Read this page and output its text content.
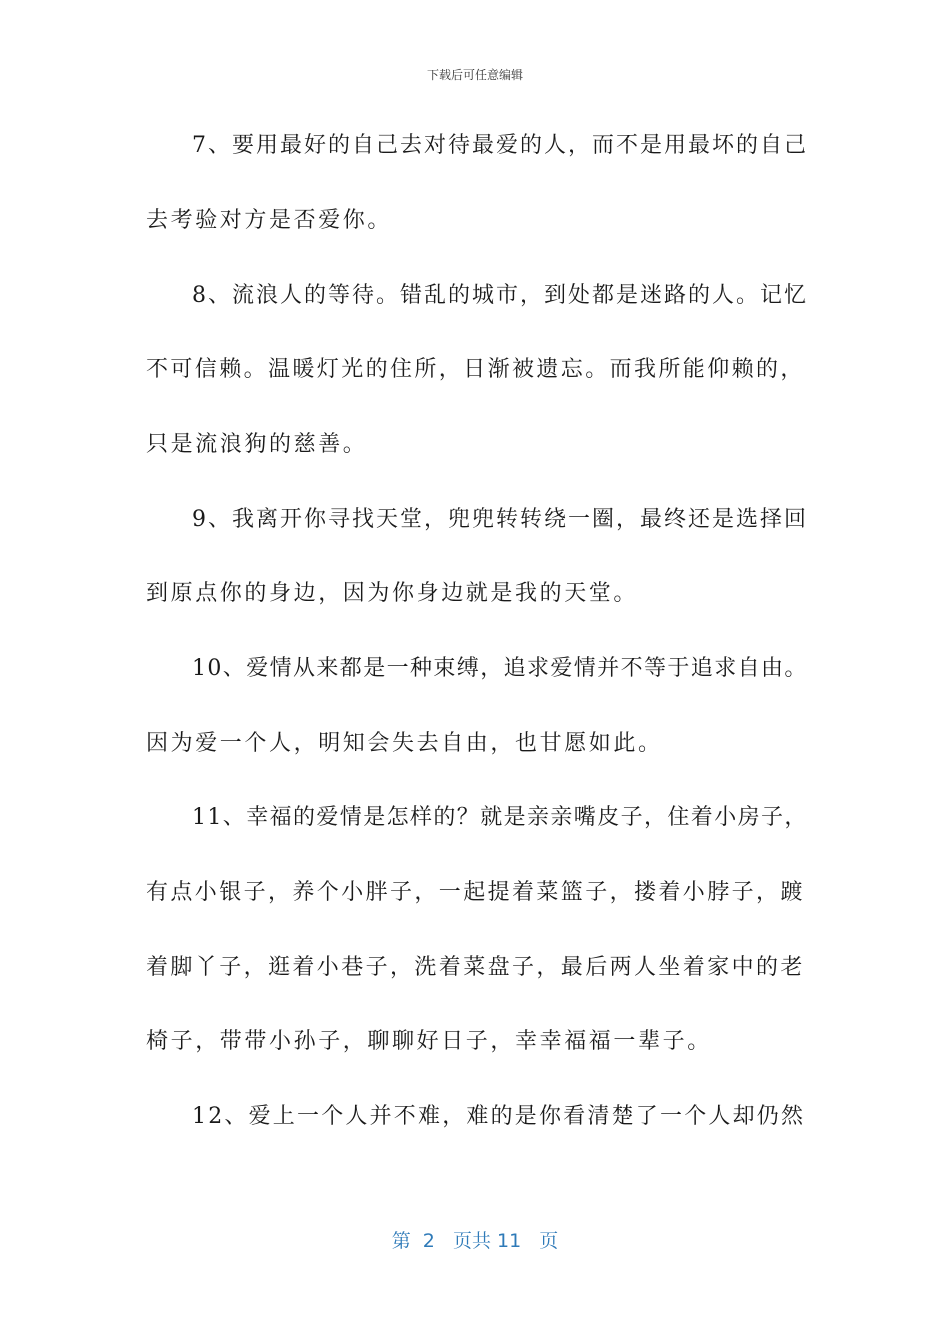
下载后可任意编辑
7、要用最好的自己去对待最爱的人，而不是用最坏的自己
去考验对方是否爱你。
8、流浪人的等待。错乱的城市，到处都是迷路的人。记忆
不可信赖。温暖灯光的住所，日渐被遗忘。而我所能仰赖的，
只是流浪狗的慈善。
9、我离开你寻找天堂，兜兜转转绕一圈，最终还是选择回
到原点你的身边，因为你身边就是我的天堂。
10、爱情从来都是一种束缚，追求爱情并不等于追求自由。
因为爱一个人，明知会失去自由，也甘愿如此。
11、幸福的爱情是怎样的？就是亲亲嘴皮子，住着小房子，
有点小银子，养个小胖子，一起提着菜篮子，搂着小脖子，踱
着脚丫子，逛着小巷子，洗着菜盘子，最后两人坐着家中的老
椅子，带带小孙子，聊聊好日子，幸幸福福一辈子。
12、爱上一个人并不难，难的是你看清楚了一个人却仍然
第  2   页共 11   页
